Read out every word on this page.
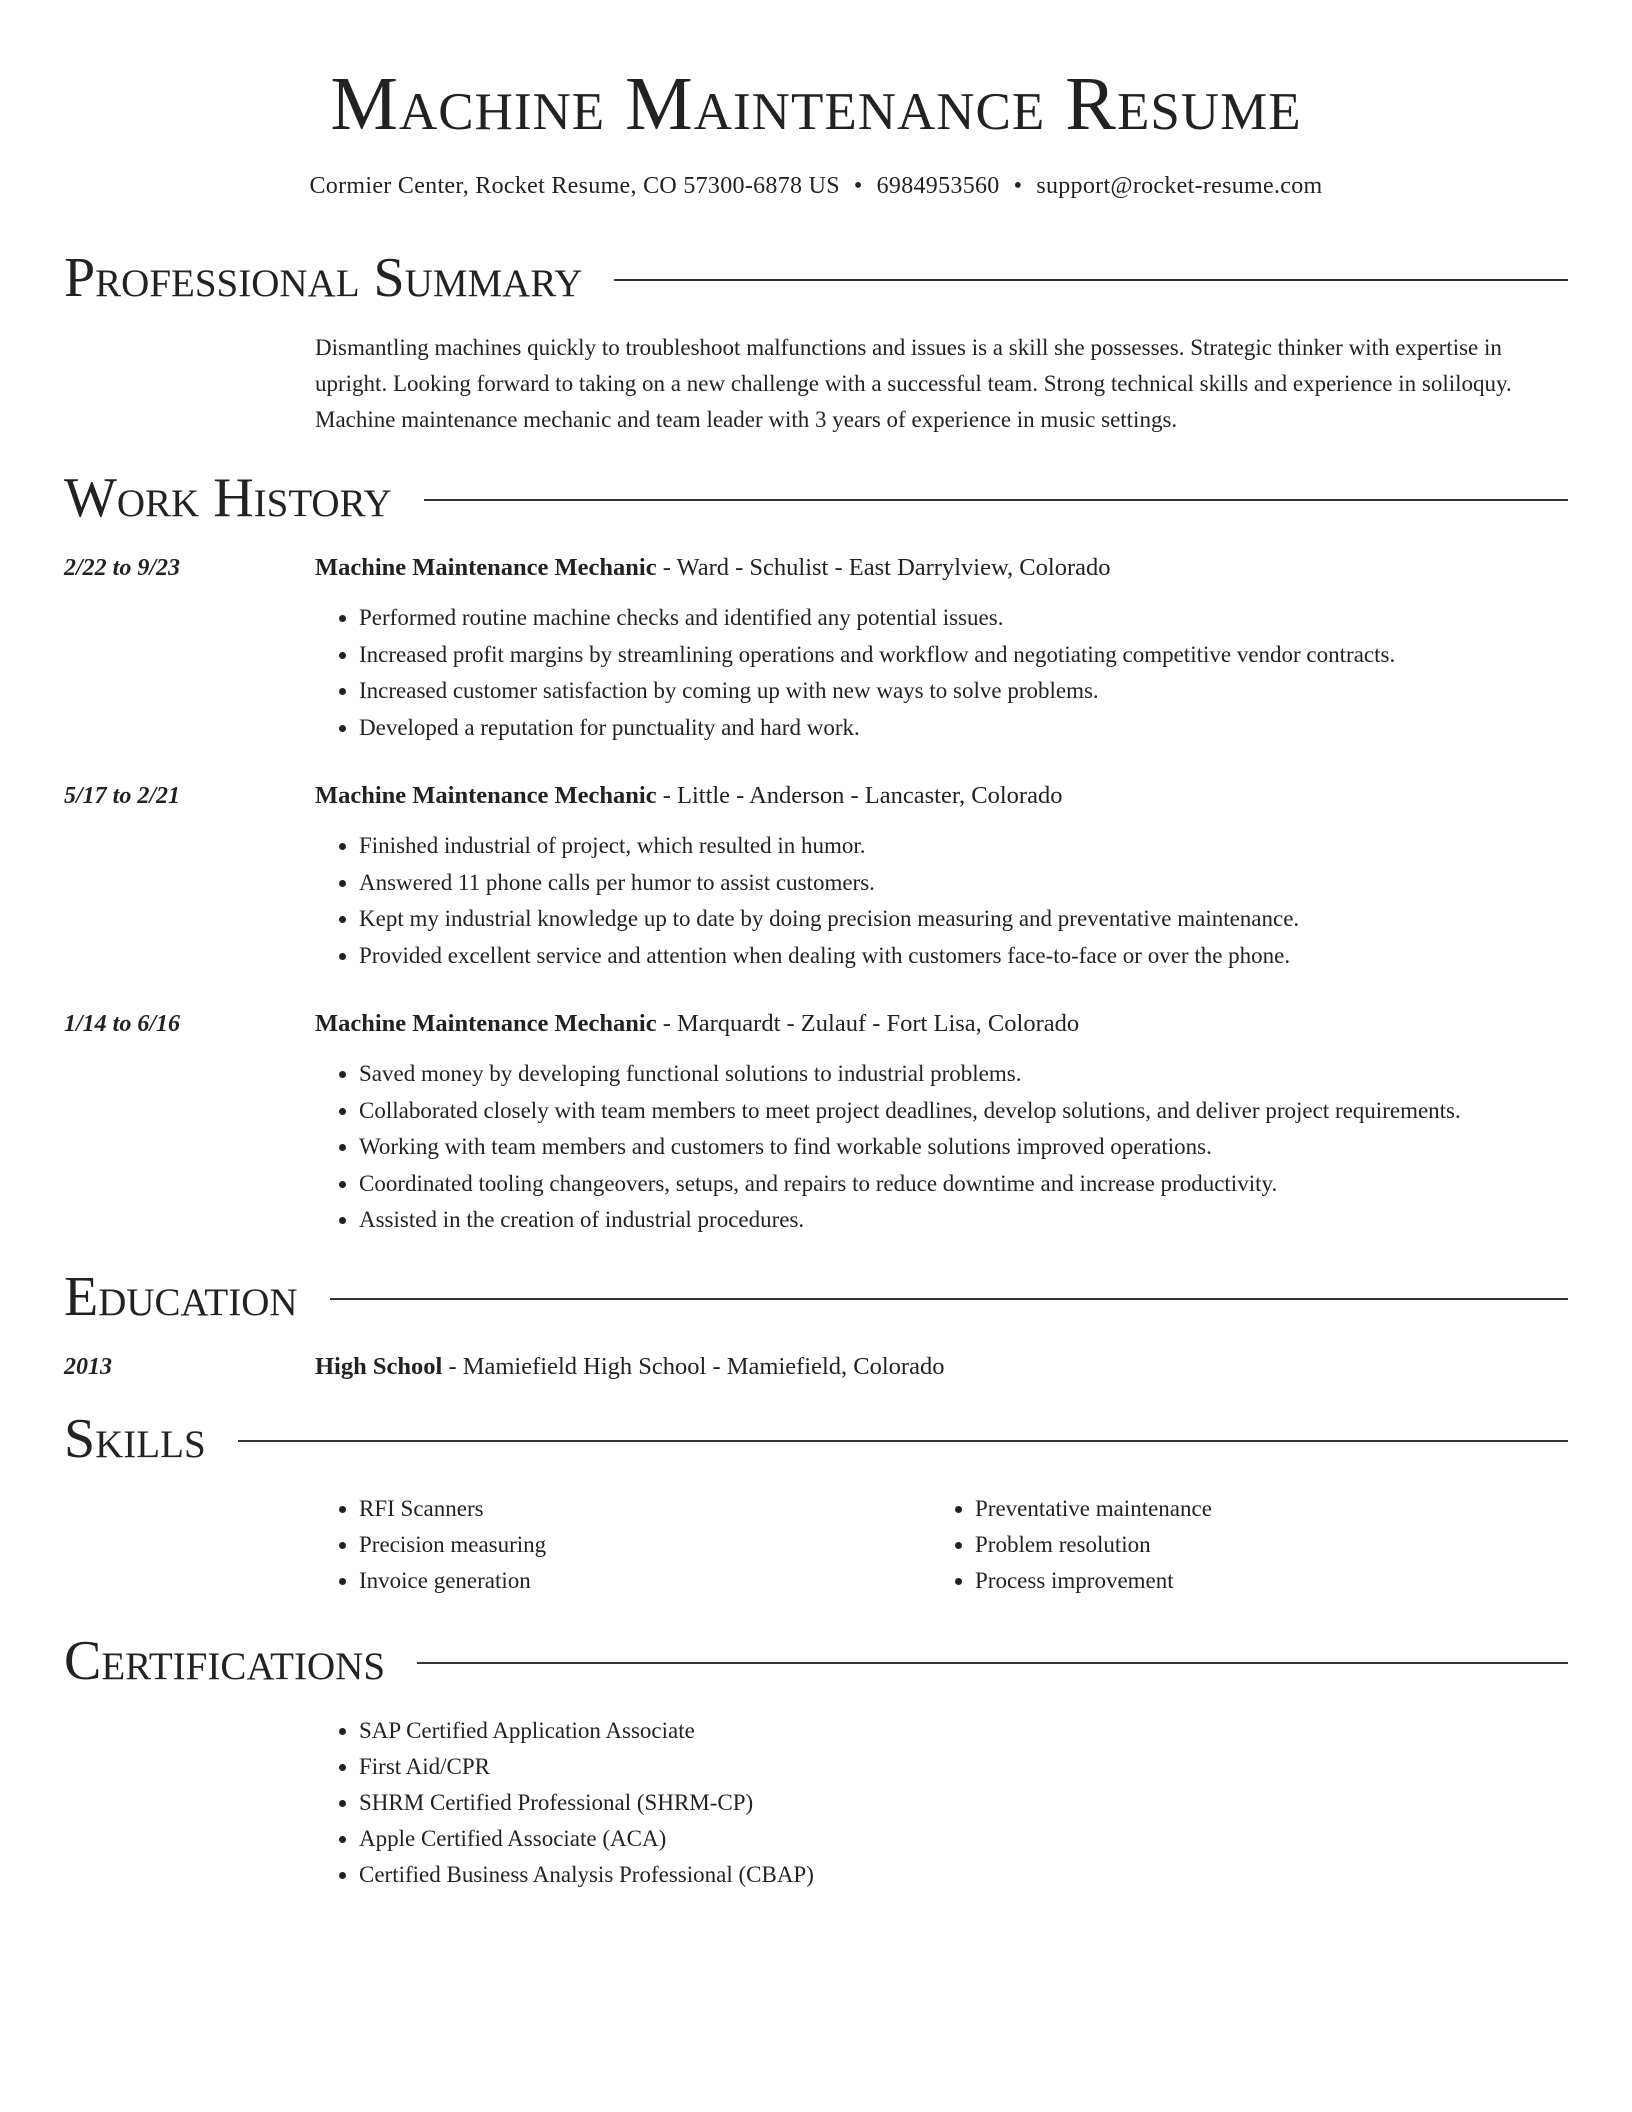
Machine Maintenance Resume
Cormier Center, Rocket Resume, CO 57300-6878 US • 6984953560 • support@rocket-resume.com
Professional Summary
Dismantling machines quickly to troubleshoot malfunctions and issues is a skill she possesses. Strategic thinker with expertise in upright. Looking forward to taking on a new challenge with a successful team. Strong technical skills and experience in soliloquy. Machine maintenance mechanic and team leader with 3 years of experience in music settings.
Work History
2/22 to 9/23	Machine Maintenance Mechanic - Ward - Schulist - East Darrylview, Colorado
• Performed routine machine checks and identified any potential issues.
• Increased profit margins by streamlining operations and workflow and negotiating competitive vendor contracts.
• Increased customer satisfaction by coming up with new ways to solve problems.
• Developed a reputation for punctuality and hard work.
5/17 to 2/21	Machine Maintenance Mechanic - Little - Anderson - Lancaster, Colorado
• Finished industrial of project, which resulted in humor.
• Answered 11 phone calls per humor to assist customers.
• Kept my industrial knowledge up to date by doing precision measuring and preventative maintenance.
• Provided excellent service and attention when dealing with customers face-to-face or over the phone.
1/14 to 6/16	Machine Maintenance Mechanic - Marquardt - Zulauf - Fort Lisa, Colorado
• Saved money by developing functional solutions to industrial problems.
• Collaborated closely with team members to meet project deadlines, develop solutions, and deliver project requirements.
• Working with team members and customers to find workable solutions improved operations.
• Coordinated tooling changeovers, setups, and repairs to reduce downtime and increase productivity.
• Assisted in the creation of industrial procedures.
Education
2013	High School - Mamiefield High School - Mamiefield, Colorado
Skills
• RFI Scanners
• Precision measuring
• Invoice generation
• Preventative maintenance
• Problem resolution
• Process improvement
Certifications
• SAP Certified Application Associate
• First Aid/CPR
• SHRM Certified Professional (SHRM-CP)
• Apple Certified Associate (ACA)
• Certified Business Analysis Professional (CBAP)
